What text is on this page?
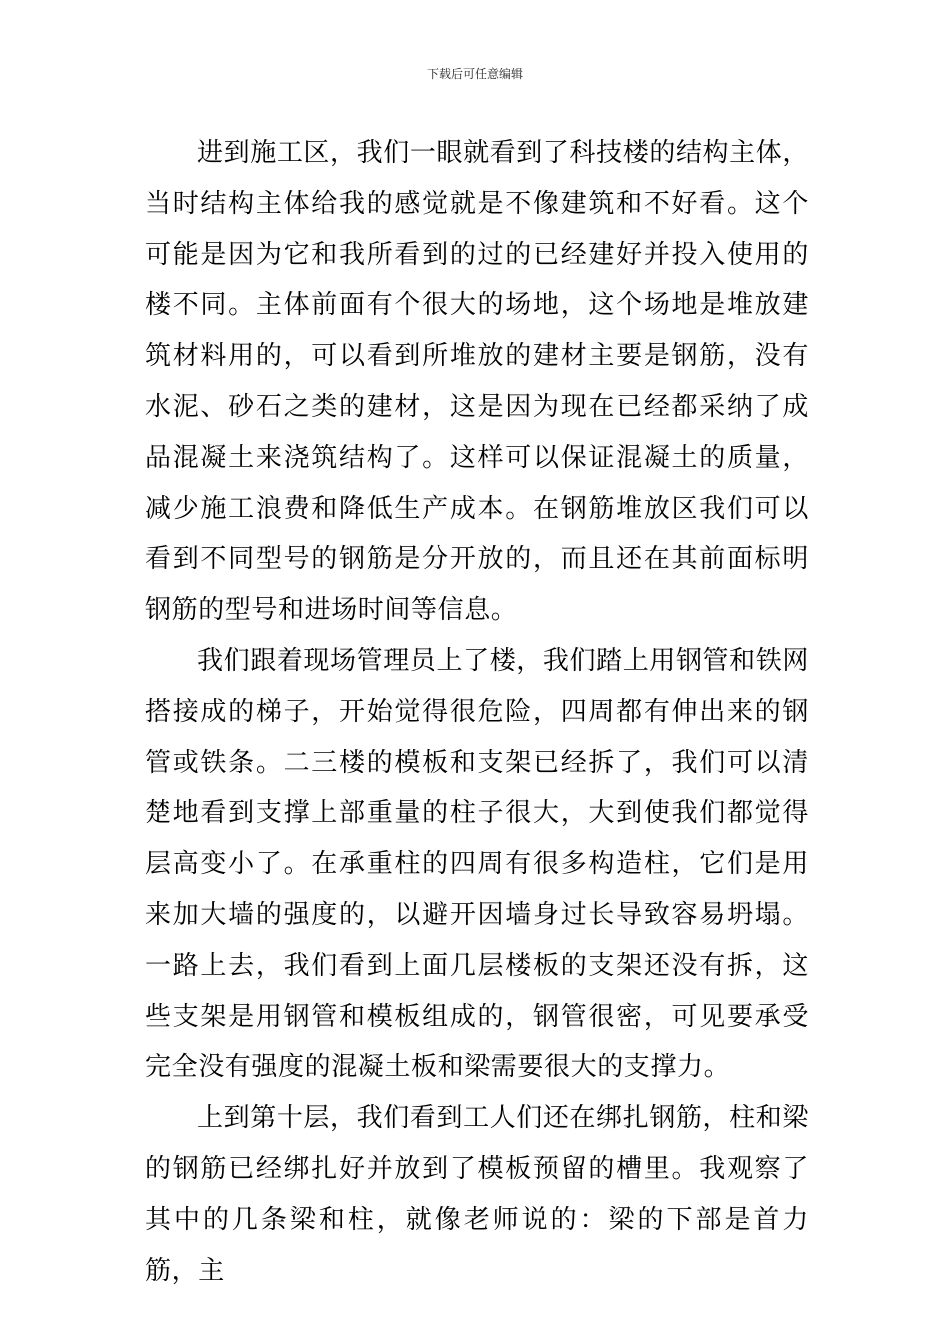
下载后可任意编辑

进到施工区，我们一眼就看到了科技楼的结构主体，当时结构主体给我的感觉就是不像建筑和不好看。这个可能是因为它和我所看到的过的已经建好并投入使用的楼不同。主体前面有个很大的场地，这个场地是堆放建筑材料用的，可以看到所堆放的建材主要是钢筋，没有水泥、砂石之类的建材，这是因为现在已经都采纳了成品混凝土来浇筑结构了。这样可以保证混凝土的质量，减少施工浪费和降低生产成本。在钢筋堆放区我们可以看到不同型号的钢筋是分开放的，而且还在其前面标明钢筋的型号和进场时间等信息。

我们跟着现场管理员上了楼，我们踏上用钢管和铁网搭接成的梯子，开始觉得很危险，四周都有伸出来的钢管或铁条。二三楼的模板和支架已经拆了，我们可以清楚地看到支撑上部重量的柱子很大，大到使我们都觉得层高变小了。在承重柱的四周有很多构造柱，它们是用来加大墙的强度的，以避开因墙身过长导致容易坍塌。一路上去，我们看到上面几层楼板的支架还没有拆，这些支架是用钢管和模板组成的，钢管很密，可见要承受完全没有强度的混凝土板和梁需要很大的支撑力。

上到第十层，我们看到工人们还在绑扎钢筋，柱和梁的钢筋已经绑扎好并放到了模板预留的槽里。我观察了其中的几条梁和柱，就像老师说的：梁的下部是首力筋，主
